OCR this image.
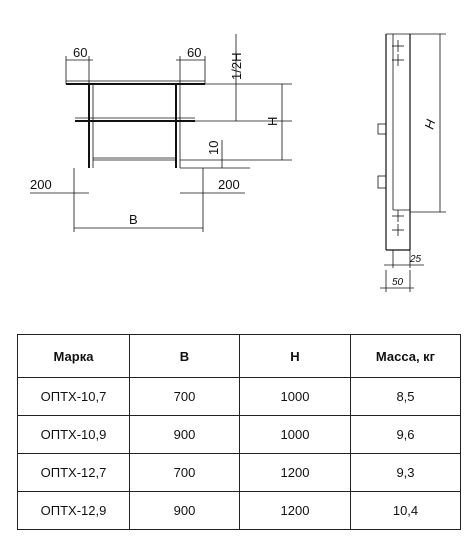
60	60
1/2H
H
10
200	200
B
H
25
50
Марка	B	H	Масса, кг
ОПТХ-10,7	700	1000	8,5
ОПТХ-10,9	900	1000	9,6
ОПТХ-12,7	700	1200	9,3
ОПТХ-12,9	900	1200	10,4
